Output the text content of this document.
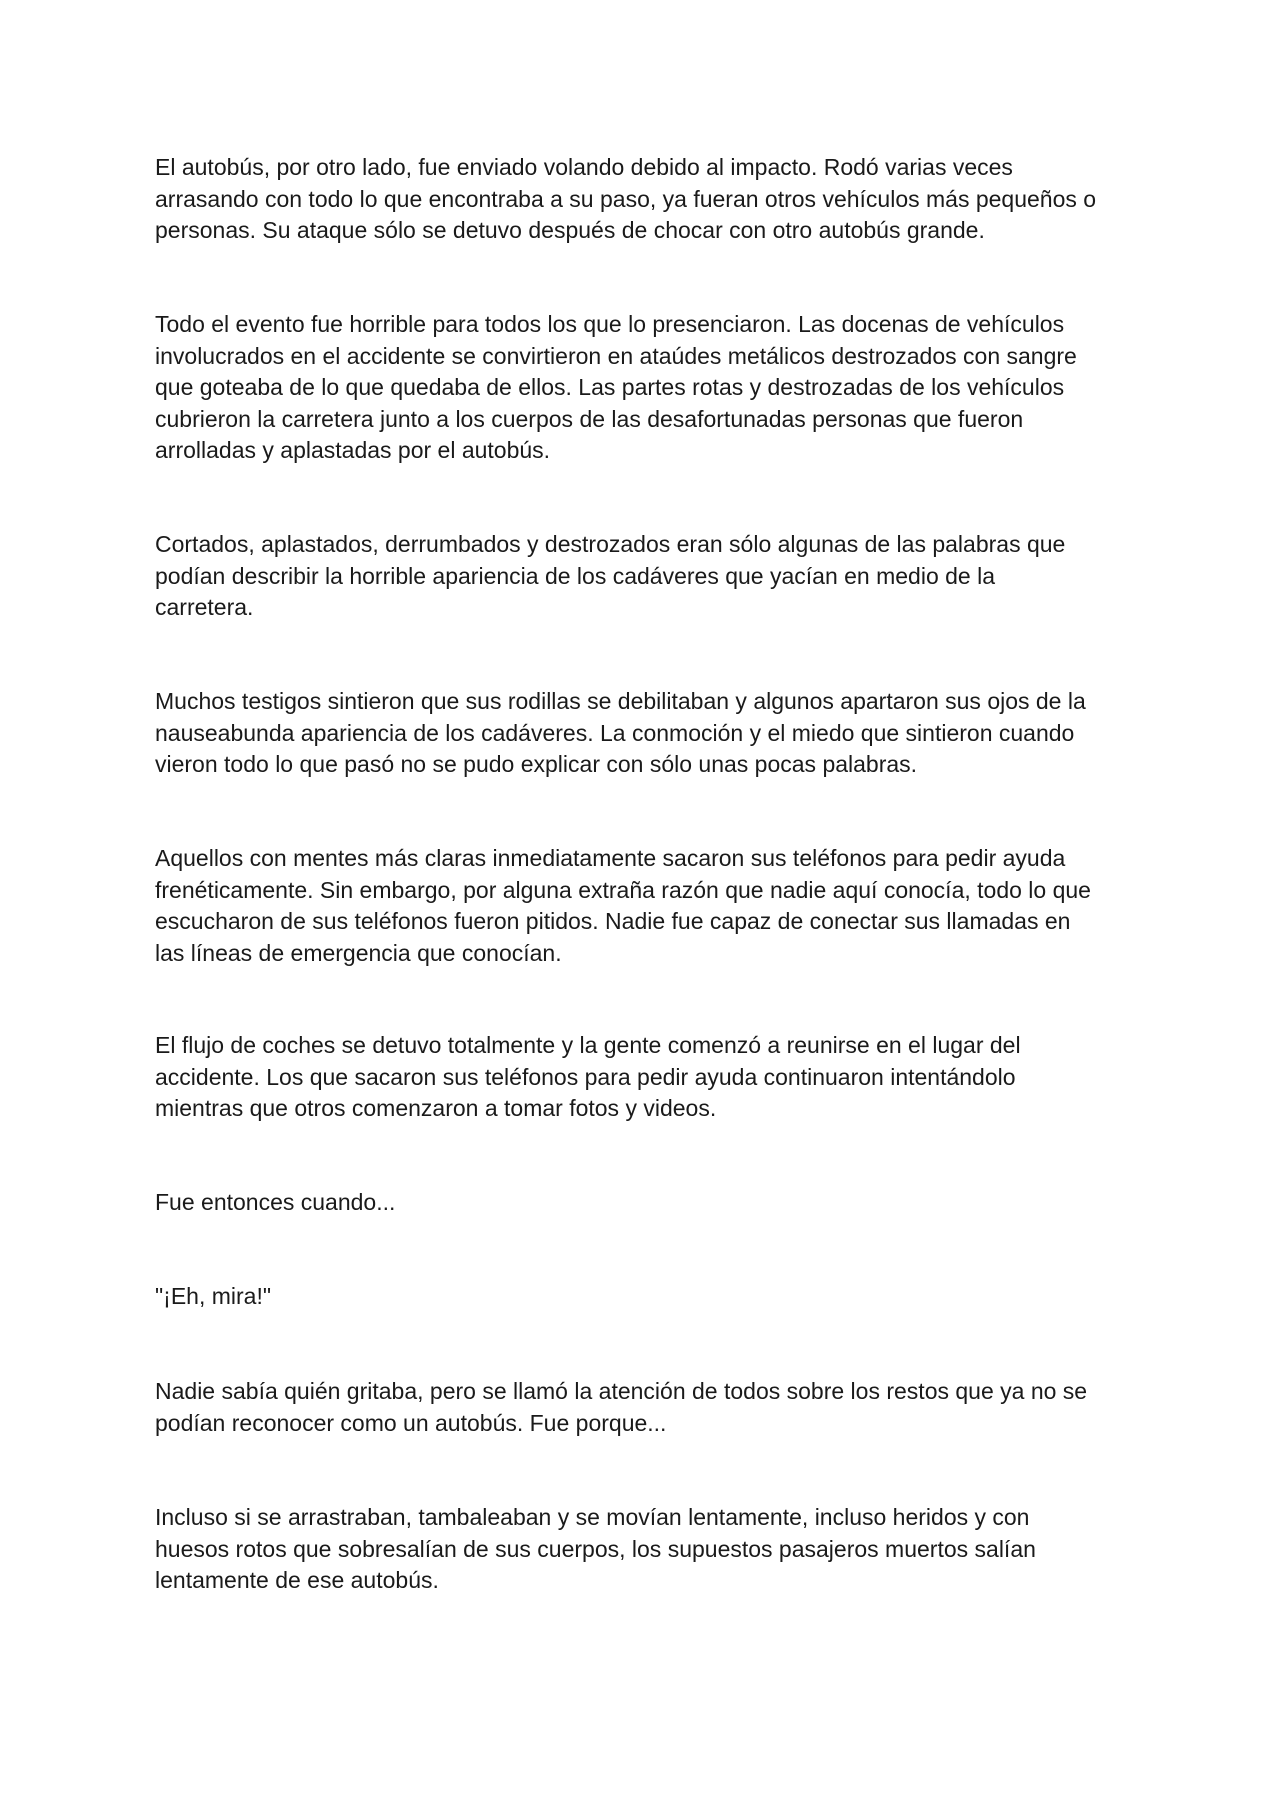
El autobús, por otro lado, fue enviado volando debido al impacto. Rodó varias veces
arrasando con todo lo que encontraba a su paso, ya fueran otros vehículos más pequeños o
personas. Su ataque sólo se detuvo después de chocar con otro autobús grande.

Todo el evento fue horrible para todos los que lo presenciaron. Las docenas de vehículos
involucrados en el accidente se convirtieron en ataúdes metálicos destrozados con sangre
que goteaba de lo que quedaba de ellos. Las partes rotas y destrozadas de los vehículos
cubrieron la carretera junto a los cuerpos de las desafortunadas personas que fueron
arrolladas y aplastadas por el autobús.

Cortados, aplastados, derrumbados y destrozados eran sólo algunas de las palabras que
podían describir la horrible apariencia de los cadáveres que yacían en medio de la
carretera.

Muchos testigos sintieron que sus rodillas se debilitaban y algunos apartaron sus ojos de la
nauseabunda apariencia de los cadáveres. La conmoción y el miedo que sintieron cuando
vieron todo lo que pasó no se pudo explicar con sólo unas pocas palabras.

Aquellos con mentes más claras inmediatamente sacaron sus teléfonos para pedir ayuda
frenéticamente. Sin embargo, por alguna extraña razón que nadie aquí conocía, todo lo que
escucharon de sus teléfonos fueron pitidos. Nadie fue capaz de conectar sus llamadas en
las líneas de emergencia que conocían.

El flujo de coches se detuvo totalmente y la gente comenzó a reunirse en el lugar del
accidente. Los que sacaron sus teléfonos para pedir ayuda continuaron intentándolo
mientras que otros comenzaron a tomar fotos y videos.

Fue entonces cuando...

"¡Eh, mira!"

Nadie sabía quién gritaba, pero se llamó la atención de todos sobre los restos que ya no se
podían reconocer como un autobús. Fue porque...

Incluso si se arrastraban, tambaleaban y se movían lentamente, incluso heridos y con
huesos rotos que sobresalían de sus cuerpos, los supuestos pasajeros muertos salían
lentamente de ese autobús.
